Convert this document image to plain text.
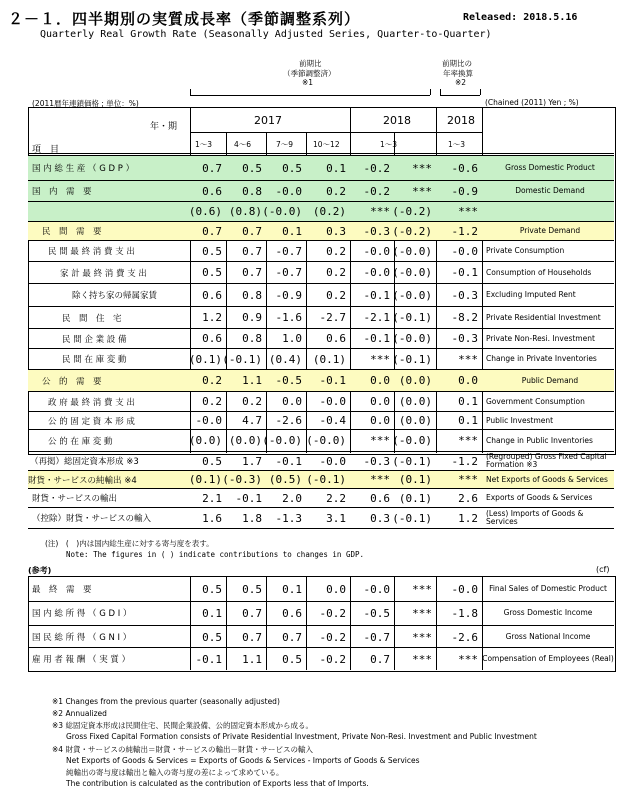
２－１．四半期別の実質成長率（季節調整系列）	Released: 2018.5.16
Quarterly Real Growth Rate (Seasonally Adjusted Series, Quarter-to-Quarter)
前期比
（季節調整済）
※1
前期比の
年率換算
※2
(2011暦年連鎖価格 ; 単位：%)	(Chained (2011) Yen ; %)
年・期
項　目
2017	2018	2018
1～3	4～6	7～9	10～12	1～3	1～3
国 内 総 生 産 （ G D P ）	0.7	0.5	0.5	0.1	-0.2	***	-0.6	Gross Domestic Product
国　内　需　要	0.6	0.8	-0.0	0.2	-0.2	***	-0.9	Domestic Demand
(0.6) (0.8) (-0.0) (0.2)	*** (-0.2)	***
民　間　需　要	0.7	0.7	0.1	0.3	-0.3 (-0.2)	-1.2	Private Demand
民 間 最 終 消 費 支 出	0.5	0.7	-0.7	0.2	-0.0 (-0.0)	-0.0	Private Consumption
家 計 最 終 消 費 支 出	0.5	0.7	-0.7	0.2	-0.0 (-0.0)	-0.1	Consumption of Households
除く持ち家の帰属家賃	0.6	0.8	-0.9	0.2	-0.1 (-0.0)	-0.3	Excluding Imputed Rent
民　間　住　宅	1.2	0.9	-1.6	-2.7	-2.1 (-0.1)	-8.2	Private Residential Investment
民 間 企 業 設 備	0.6	0.8	1.0	0.6	-0.1 (-0.0)	-0.3	Private Non-Resi. Investment
民 間 在 庫 変 動	(0.1) (-0.1) (0.4) (0.1)	*** (-0.1)	***	Change in Private Inventories
公　的　需　要	0.2	1.1	-0.5	-0.1	0.0 (0.0)	0.0	Public Demand
政 府 最 終 消 費 支 出	0.2	0.2	0.0	-0.0	0.0 (0.0)	0.1	Government Consumption
公 的 固 定 資 本 形 成	-0.0	4.7	-2.6	-0.4	0.0 (0.0)	0.1	Public Investment
公 的 在 庫 変 動	(0.0) (0.0) (-0.0) (-0.0)	*** (-0.0)	***	Change in Public Inventories
（再掲）総固定資本形成 ※3	0.5	1.7	-0.1	-0.0	-0.3 (-0.1)	-1.2	(Regrouped) Gross Fixed Capital Formation ※3
財貨・サービスの純輸出 ※4	(0.1) (-0.3) (0.5) (-0.1)	*** (0.1)	***	Net Exports of Goods & Services
財貨・サービスの輸出	2.1	-0.1	2.0	2.2	0.6 (0.1)	2.6	Exports of Goods & Services
（控除）財貨・サービスの輸入	1.6	1.8	-1.3	3.1	0.3 (-0.1)	1.2	(Less) Imports of Goods & Services
(注)　(　)内は国内総生産に対する寄与度を表す。
Note: The figures in ( ) indicate contributions to changes in GDP.
(参考)	(cf)
最　終　需　要	0.5	0.5	0.1	0.0	-0.0	***	-0.0	Final Sales of Domestic Product
国 内 総 所 得 （ G D I ）	0.1	0.7	0.6	-0.2	-0.5	***	-1.8	Gross Domestic Income
国 民 総 所 得 （ G N I ）	0.5	0.7	0.7	-0.2	-0.7	***	-2.6	Gross National Income
雇 用 者 報 酬 （ 実 質 ）	-0.1	1.1	0.5	-0.2	0.7	***	*** Compensation of Employees (Real)
※1 Changes from the previous quarter (seasonally adjusted)
※2 Annualized
※3 総固定資本形成は民間住宅、民間企業設備、公的固定資本形成から成る。
Gross Fixed Capital Formation consists of Private Residential Investment, Private Non-Resi. Investment and Public Investment
※4 財貨・サービスの純輸出＝財貨・サービスの輸出－財貨・サービスの輸入
Net Exports of Goods & Services = Exports of Goods & Services - Imports of Goods & Services
純輸出の寄与度は輸出と輸入の寄与度の差によって求めている。
The contribution is calculated as the contribution of Exports less that of Imports.
